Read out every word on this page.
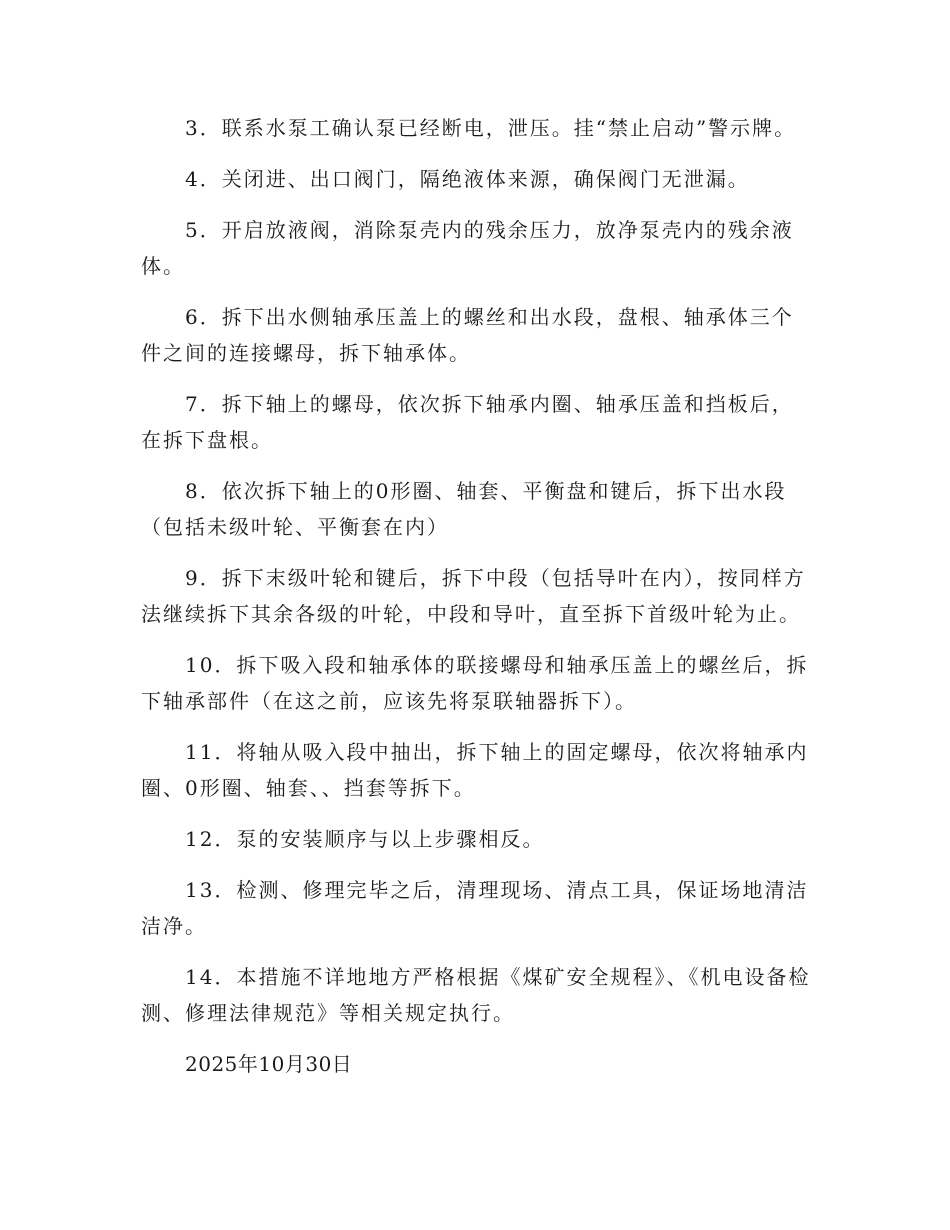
3．联系水泵工确认泵已经断电，泄压。挂“禁止启动”警示牌。

4．关闭进、出口阀门，隔绝液体来源，确保阀门无泄漏。

5．开启放液阀，消除泵壳内的残余压力，放净泵壳内的残余液体。

6．拆下出水侧轴承压盖上的螺丝和出水段，盘根、轴承体三个件之间的连接螺母，拆下轴承体。

7．拆下轴上的螺母，依次拆下轴承内圈、轴承压盖和挡板后，在拆下盘根。

8．依次拆下轴上的0形圈、轴套、平衡盘和键后，拆下出水段（包括未级叶轮、平衡套在内）

9．拆下末级叶轮和键后，拆下中段（包括导叶在内），按同样方法继续拆下其余各级的叶轮，中段和导叶，直至拆下首级叶轮为止。

10．拆下吸入段和轴承体的联接螺母和轴承压盖上的螺丝后，拆下轴承部件（在这之前，应该先将泵联轴器拆下）。

11．将轴从吸入段中抽出，拆下轴上的固定螺母，依次将轴承内圈、0形圈、轴套、、挡套等拆下。

12．泵的安装顺序与以上步骤相反。

13．检测、修理完毕之后，清理现场、清点工具，保证场地清洁洁净。

14．本措施不详地地方严格根据《煤矿安全规程》、《机电设备检测、修理法律规范》等相关规定执行。

2025年10月30日
